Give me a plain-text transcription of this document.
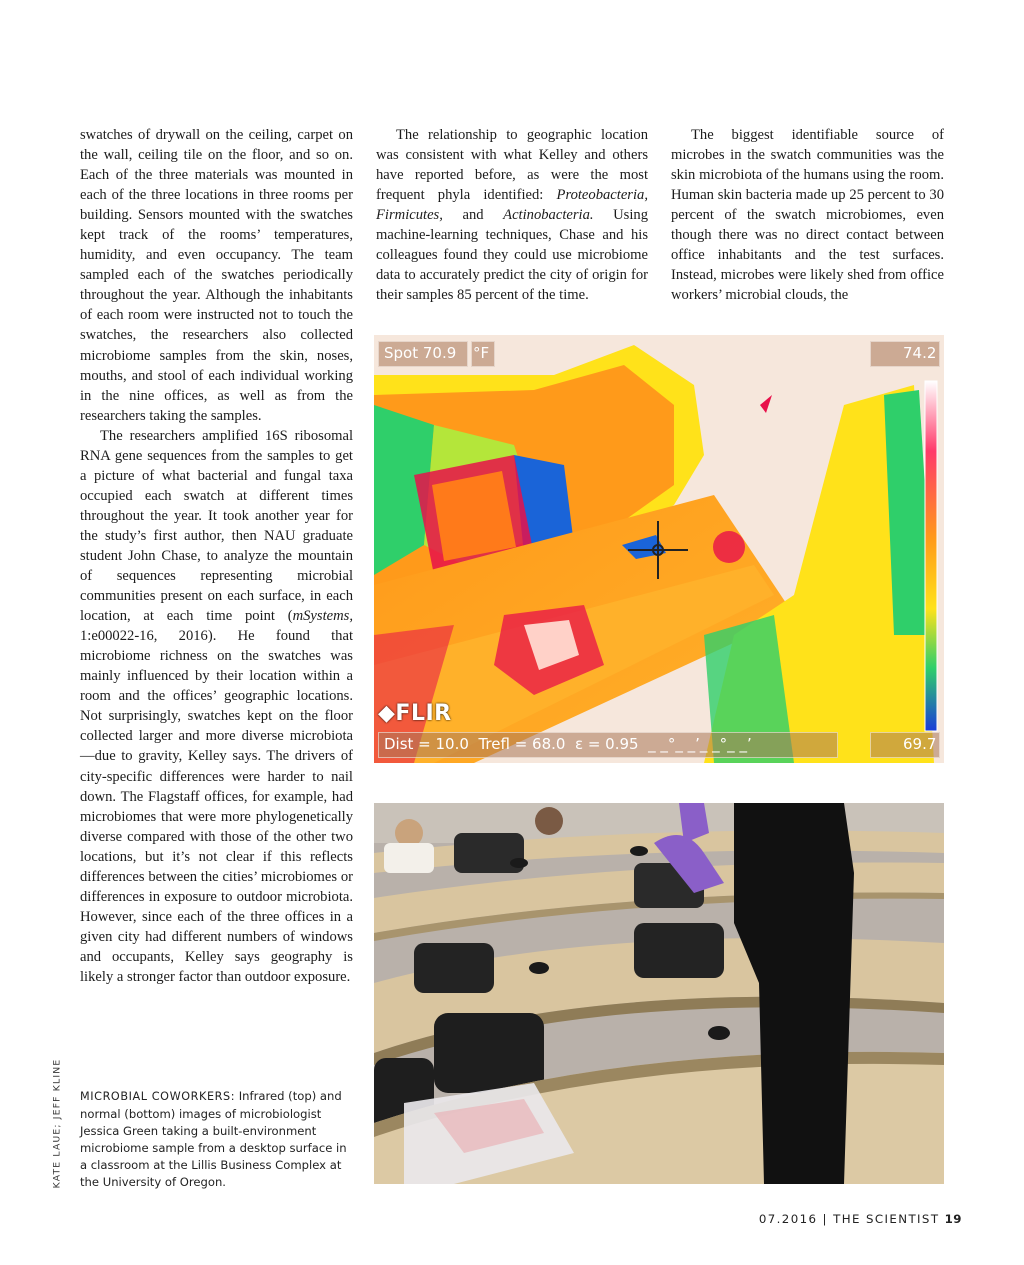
swatches of drywall on the ceiling, carpet on the wall, ceiling tile on the floor, and so on. Each of the three materials was mounted in each of the three locations in three rooms per building. Sensors mounted with the swatches kept track of the rooms’ temperatures, humidity, and even occupancy. The team sampled each of the swatches periodically throughout the year. Although the inhabitants of each room were instructed not to touch the swatches, the researchers also collected microbiome samples from the skin, noses, mouths, and stool of each individual working in the nine offices, as well as from the researchers taking the samples.

The researchers amplified 16S ribosomal RNA gene sequences from the samples to get a picture of what bacterial and fungal taxa occupied each swatch at different times throughout the year. It took another year for the study’s first author, then NAU graduate student John Chase, to analyze the mountain of sequences representing microbial communities present on each surface, in each location, at each time point (mSystems, 1:e00022-16, 2016). He found that microbiome richness on the swatches was mainly influenced by their location within a room and the offices’ geographic locations. Not surprisingly, swatches kept on the floor collected larger and more diverse microbiota—due to gravity, Kelley says. The drivers of city-specific differences were harder to nail down. The Flagstaff offices, for example, had microbiomes that were more phylogenetically diverse compared with those of the other two locations, but it’s not clear if this reflects differences between the cities’ microbiomes or differences in exposure to outdoor microbiota. However, since each of the three offices in a given city had different numbers of windows and occupants, Kelley says geography is likely a stronger factor than outdoor exposure.

The relationship to geographic location was consistent with what Kelley and others have reported before, as were the most frequent phyla identified: Proteobacteria, Firmicutes, and Actinobacteria. Using machine-learning techniques, Chase and his colleagues found they could use microbiome data to accurately predict the city of origin for their samples 85 percent of the time.

The biggest identifiable source of microbes in the swatch communities was the skin microbiota of the humans using the room. Human skin bacteria made up 25 percent to 30 percent of the swatch microbiomes, even though there was no direct contact between office inhabitants and the test surfaces. Instead, microbes were likely shed from office workers’ microbial clouds, the

Spot 70.9 °F	74.2
◆FLIR
Dist = 10.0  Trefl = 68.0  ε = 0.95  _ _°_ _’_ _°_ _’	69.7
KATE LAUE; JEFF KLINE MICROBIAL COWORKERS: Infrared (top) and normal (bottom) images of microbiologist Jessica Green taking a built-environment microbiome sample from a desktop surface in a classroom at the Lillis Business Complex at the University of Oregon.
07.2016 | THE SCIENTIST 19
